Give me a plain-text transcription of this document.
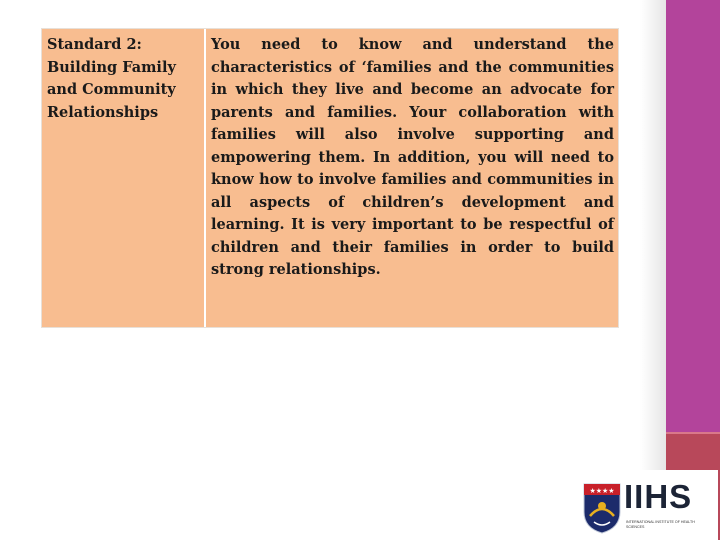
Standard 2: Building Family and Community Relationships
You need to know and understand the characteristics of ‘families and the communities in which they live and become an advocate for parents and families. Your collaboration with families will also involve supporting and empowering them. In addition, you will need to know how to involve families and communities in all aspects of children’s development and learning. It is very important to be respectful of children and their families in order to build strong relationships.
★★★★ IIHS
INTERNATIONAL INSTITUTE OF HEALTH SCIENCES
